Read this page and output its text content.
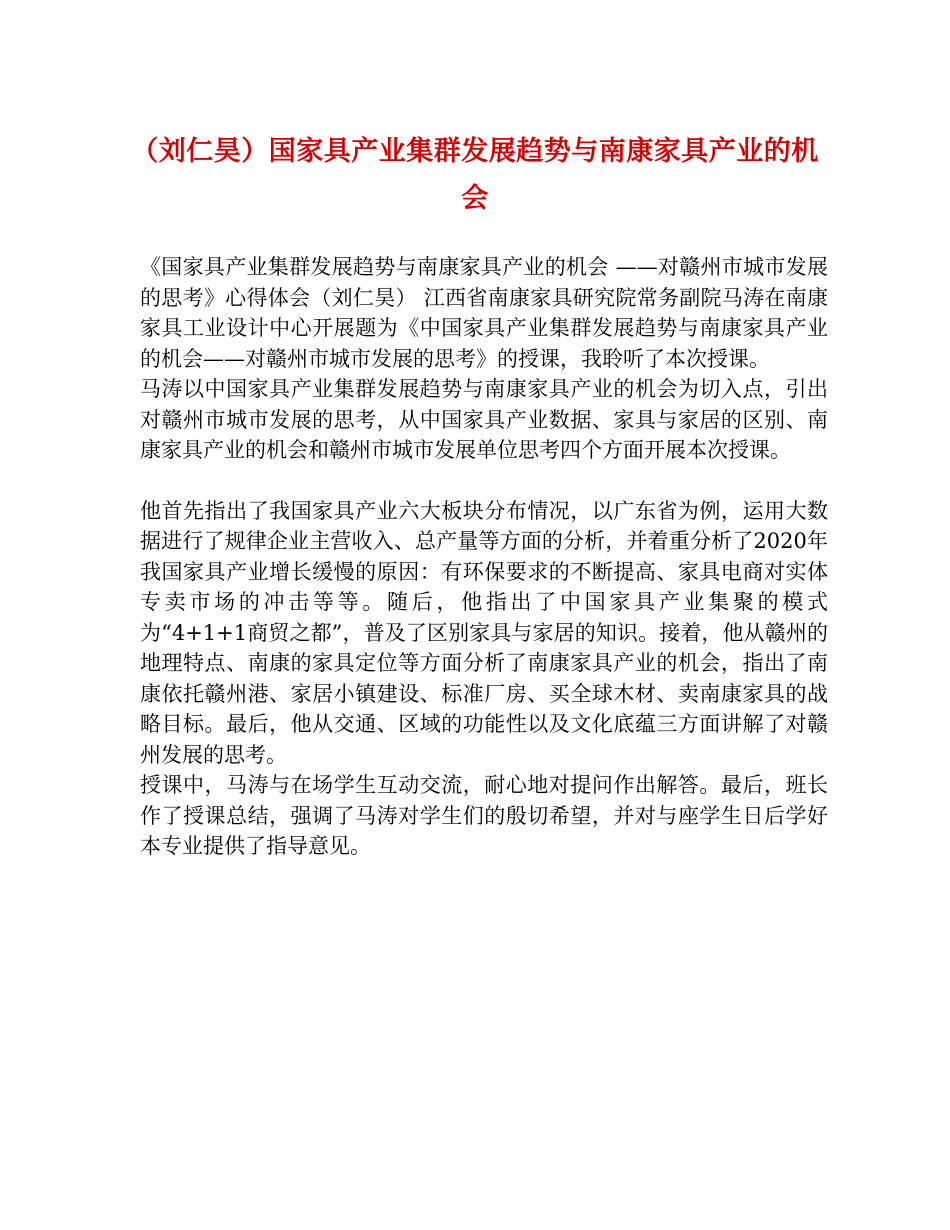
（刘仁昊）国家具产业集群发展趋势与南康家具产业的机会

《国家具产业集群发展趋势与南康家具产业的机会 ——对赣州市城市发展的思考》心得体会（刘仁昊） 江西省南康家具研究院常务副院马涛在南康家具工业设计中心开展题为《中国家具产业集群发展趋势与南康家具产业的机会——对赣州市城市发展的思考》的授课，我聆听了本次授课。

马涛以中国家具产业集群发展趋势与南康家具产业的机会为切入点，引出对赣州市城市发展的思考，从中国家具产业数据、家具与家居的区别、南康家具产业的机会和赣州市城市发展单位思考四个方面开展本次授课。

他首先指出了我国家具产业六大板块分布情况，以广东省为例，运用大数据进行了规律企业主营收入、总产量等方面的分析，并着重分析了2020年我国家具产业增长缓慢的原因：有环保要求的不断提高、家具电商对实体专卖市场的冲击等等。随后，他指出了中国家具产业集聚的模式为“4+1+1商贸之都”，普及了区别家具与家居的知识。接着，他从赣州的地理特点、南康的家具定位等方面分析了南康家具产业的机会，指出了南康依托赣州港、家居小镇建设、标准厂房、买全球木材、卖南康家具的战略目标。最后，他从交通、区域的功能性以及文化底蕴三方面讲解了对赣州发展的思考。

授课中，马涛与在场学生互动交流，耐心地对提问作出解答。最后，班长作了授课总结，强调了马涛对学生们的殷切希望，并对与座学生日后学好本专业提供了指导意见。
